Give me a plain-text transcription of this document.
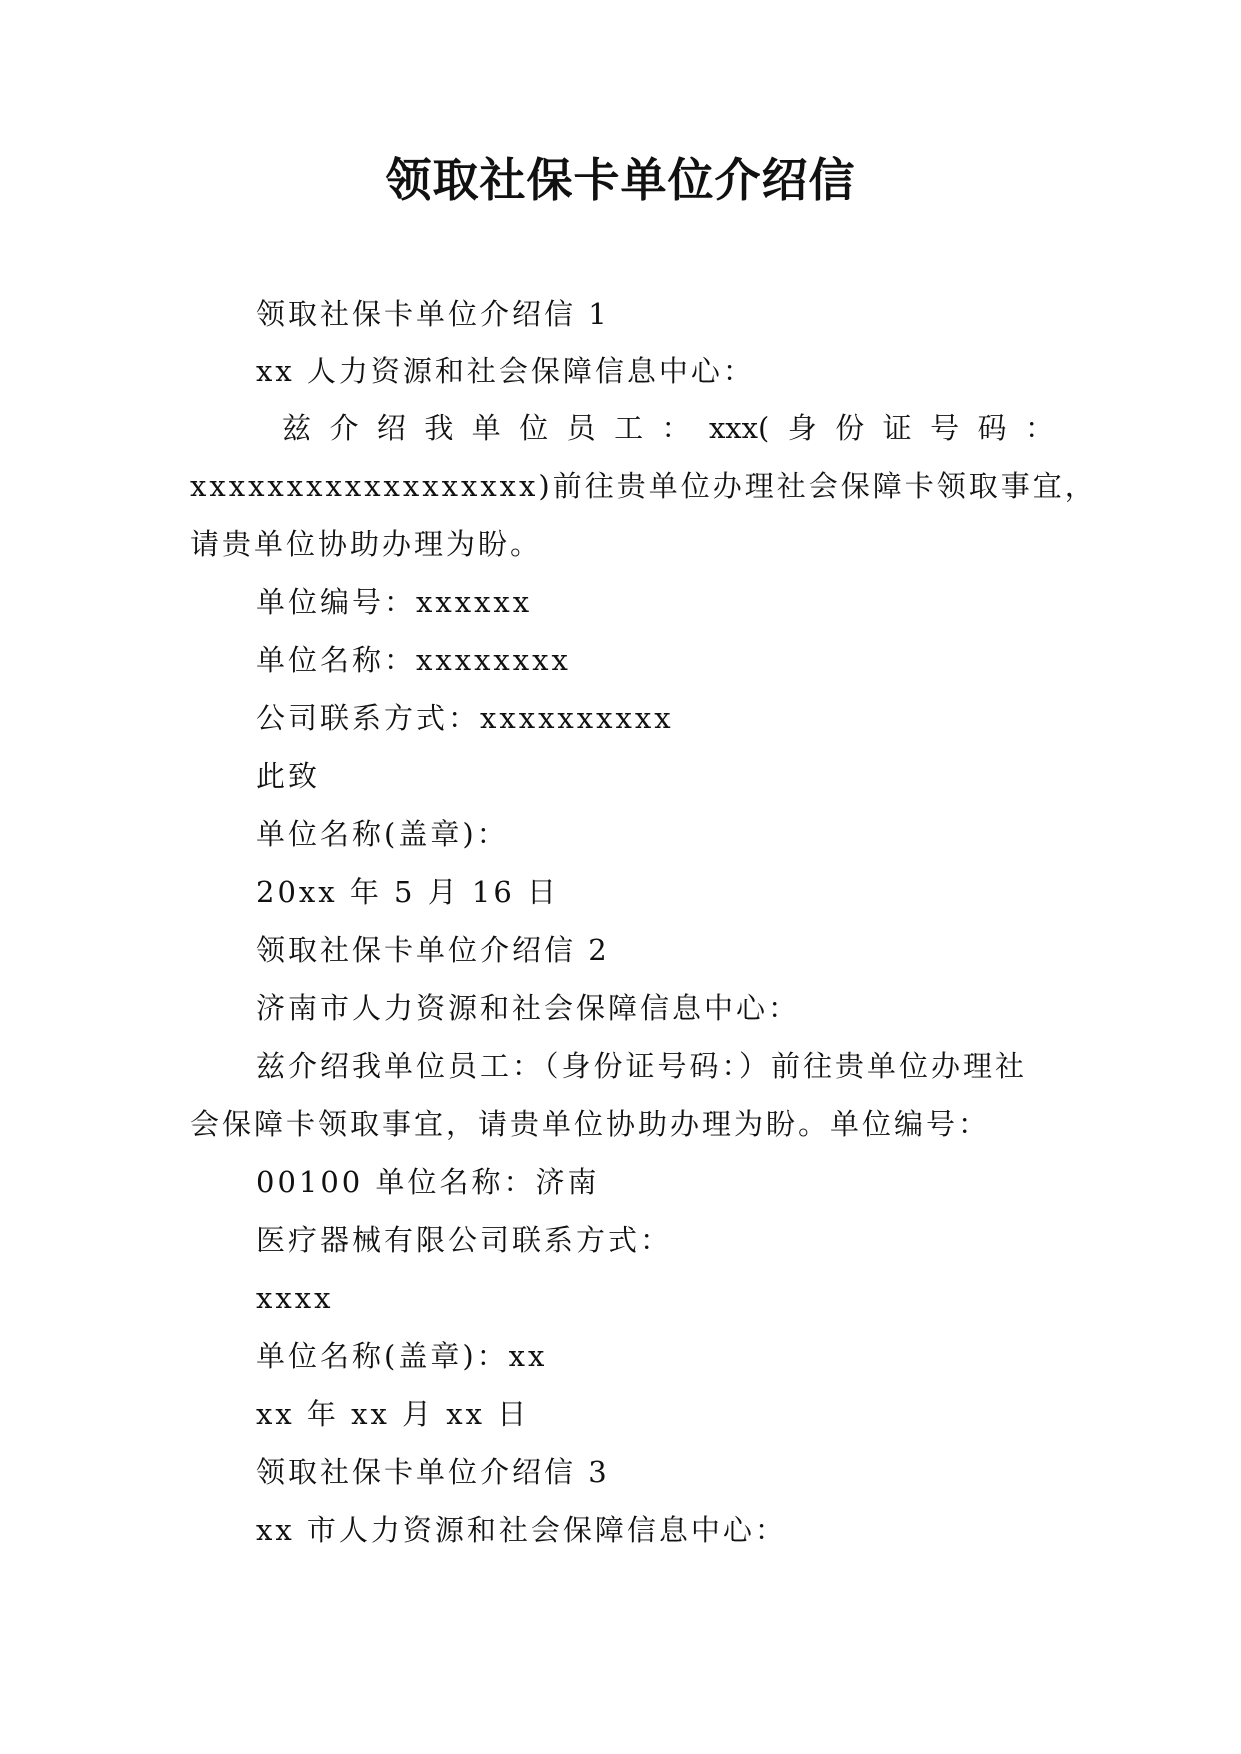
领取社保卡单位介绍信
领取社保卡单位介绍信 1
xx 人力资源和社会保障信息中心：
兹 介 绍 我 单 位 员 工 ： xxx( 身 份 证 号 码 ：
xxxxxxxxxxxxxxxxxx)前往贵单位办理社会保障卡领取事宜，
请贵单位协助办理为盼。
单位编号：xxxxxx
单位名称：xxxxxxxx
公司联系方式：xxxxxxxxxx
此致
单位名称(盖章)：
20xx 年 5 月 16 日
领取社保卡单位介绍信 2
济南市人力资源和社会保障信息中心：
兹介绍我单位员工：（身份证号码：）前往贵单位办理社
会保障卡领取事宜，请贵单位协助办理为盼。单位编号：
00100 单位名称：济南
医疗器械有限公司联系方式：
xxxx
单位名称(盖章)：xx
xx 年 xx 月 xx 日
领取社保卡单位介绍信 3
xx 市人力资源和社会保障信息中心：
